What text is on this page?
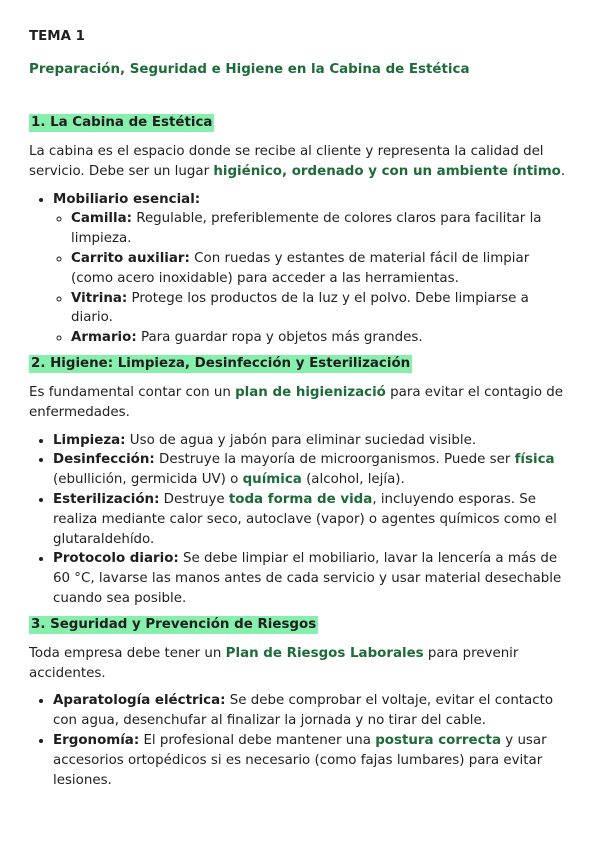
TEMA 1
Preparación, Seguridad e Higiene en la Cabina de Estética
1. La Cabina de Estética

La cabina es el espacio donde se recibe al cliente y representa la calidad del servicio. Debe ser un lugar higiénico, ordenado y con un ambiente íntimo.

• Mobiliario esencial:
◦ Camilla: Regulable, preferiblemente de colores claros para facilitar la limpieza.
◦ Carrito auxiliar: Con ruedas y estantes de material fácil de limpiar (como acero inoxidable) para acceder a las herramientas.
◦ Vitrina: Protege los productos de la luz y el polvo. Debe limpiarse a diario.
◦ Armario: Para guardar ropa y objetos más grandes.
2. Higiene: Limpieza, Desinfección y Esterilización

Es fundamental contar con un plan de higienizació para evitar el contagio de enfermedades.

• Limpieza: Uso de agua y jabón para eliminar suciedad visible.
• Desinfección: Destruye la mayoría de microorganismos. Puede ser física (ebullición, germicida UV) o química (alcohol, lejía).
• Esterilización: Destruye toda forma de vida, incluyendo esporas. Se realiza mediante calor seco, autoclave (vapor) o agentes químicos como el glutaraldehído.
• Protocolo diario: Se debe limpiar el mobiliario, lavar la lencería a más de 60 °C, lavarse las manos antes de cada servicio y usar material desechable cuando sea posible.
3. Seguridad y Prevención de Riesgos

Toda empresa debe tener un Plan de Riesgos Laborales para prevenir accidentes.

• Aparatología eléctrica: Se debe comprobar el voltaje, evitar el contacto con agua, desenchufar al finalizar la jornada y no tirar del cable.
• Ergonomía: El profesional debe mantener una postura correcta y usar accesorios ortopédicos si es necesario (como fajas lumbares) para evitar lesiones.
